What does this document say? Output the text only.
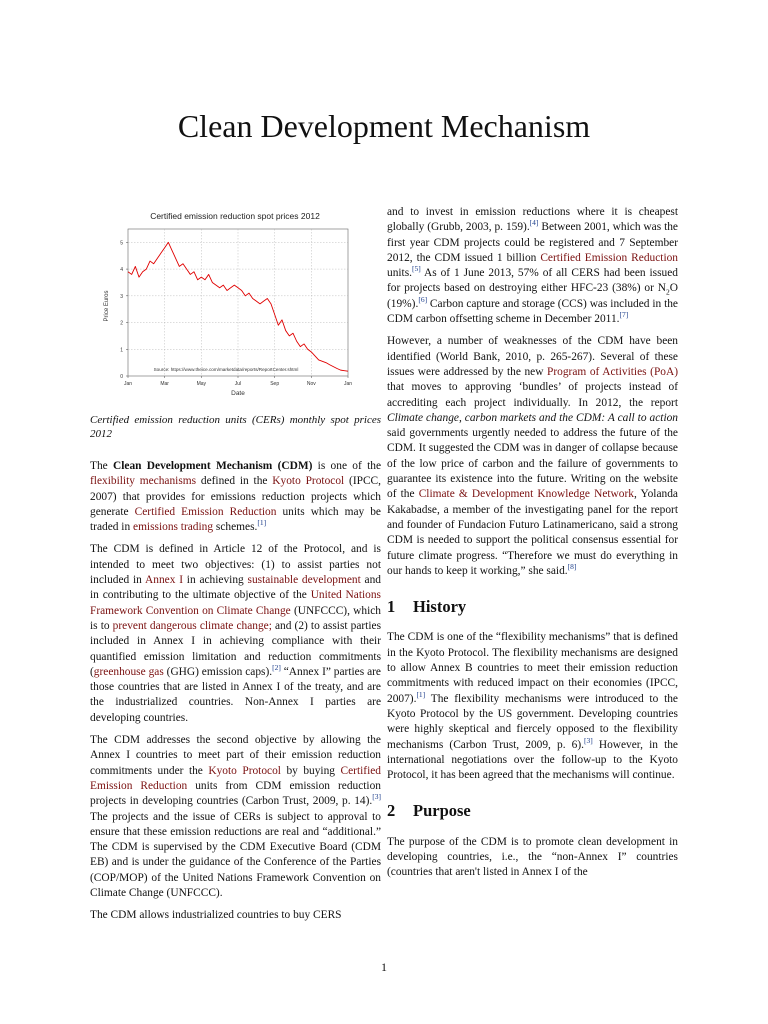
Clean Development Mechanism
0
1
2
3
4
5
Jan	Mar	May	Jul	Sep	Nov	Jan
Certified emission reduction spot prices 2012
Price Euros
Date
Source: https://www.theice.com/marketdata/reports/ReportCenter.shtml

Certified emission reduction units (CERs) monthly spot prices 2012

The Clean Development Mechanism (CDM) is one of the flexibility mechanisms defined in the Kyoto Protocol (IPCC, 2007) that provides for emissions reduction projects which generate Certified Emission Reduction units which may be traded in emissions trading schemes.[1]

The CDM is defined in Article 12 of the Protocol, and is intended to meet two objectives: (1) to assist parties not included in Annex I in achieving sustainable development and in contributing to the ultimate objective of the United Nations Framework Convention on Climate Change (UNFCCC), which is to prevent dangerous climate change; and (2) to assist parties included in Annex I in achieving compliance with their quantified emission limitation and reduction commitments (greenhouse gas (GHG) emission caps).[2] “Annex I” parties are those countries that are listed in Annex I of the treaty, and are the industrialized countries. Non-Annex I parties are developing countries.

The CDM addresses the second objective by allowing the Annex I countries to meet part of their emission reduction commitments under the Kyoto Protocol by buying Certified Emission Reduction units from CDM emission reduction projects in developing countries (Carbon Trust, 2009, p. 14).[3] The projects and the issue of CERs is subject to approval to ensure that these emission reductions are real and “additional.” The CDM is supervised by the CDM Executive Board (CDM EB) and is under the guidance of the Conference of the Parties (COP/MOP) of the United Nations Framework Convention on Climate Change (UNFCCC).

The CDM allows industrialized countries to buy CERS

and to invest in emission reductions where it is cheapest globally (Grubb, 2003, p. 159).[4] Between 2001, which was the first year CDM projects could be registered and 7 September 2012, the CDM issued 1 billion Certified Emission Reduction units.[5] As of 1 June 2013, 57% of all CERS had been issued for projects based on destroying either HFC-23 (38%) or $N_2O$ (19%).[6] Carbon capture and storage (CCS) was included in the CDM carbon offsetting scheme in December 2011.[7]

However, a number of weaknesses of the CDM have been identified (World Bank, 2010, p. 265-267). Several of these issues were addressed by the new Program of Activities (PoA) that moves to approving ‘bundles’ of projects instead of accrediting each project individually. In 2012, the report Climate change, carbon markets and the CDM: A call to action said governments urgently needed to address the future of the CDM. It suggested the CDM was in danger of collapse because of the low price of carbon and the failure of governments to guarantee its existence into the future. Writing on the website of the Climate & Development Knowledge Network, Yolanda Kakabadse, a member of the investigating panel for the report and founder of Fundacion Futuro Latinamericano, said a strong CDM is needed to support the political consensus essential for future climate progress. “Therefore we must do everything in our hands to keep it working,” she said.[8]

1 History

The CDM is one of the “flexibility mechanisms” that is defined in the Kyoto Protocol. The flexibility mechanisms are designed to allow Annex B countries to meet their emission reduction commitments with reduced impact on their economies (IPCC, 2007).[1] The flexibility mechanisms were introduced to the Kyoto Protocol by the US government. Developing countries were highly skeptical and fiercely opposed to the flexibility mechanisms (Carbon Trust, 2009, p. 6).[3] However, in the international negotiations over the follow-up to the Kyoto Protocol, it has been agreed that the mechanisms will continue.

2 Purpose

The purpose of the CDM is to promote clean development in developing countries, i.e., the “non-Annex I” countries (countries that aren't listed in Annex I of the

1
